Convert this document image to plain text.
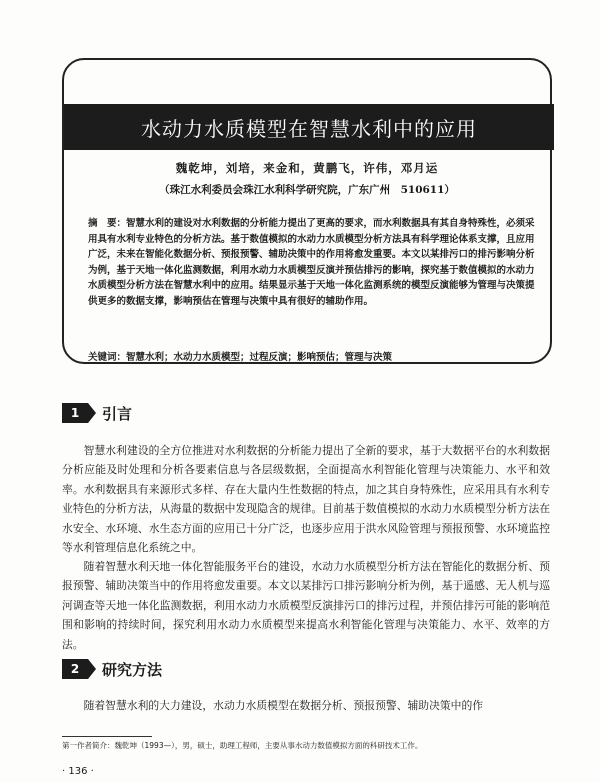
水动力水质模型在智慧水利中的应用
魏乾坤，刘培，来金和，黄鹏飞，许伟，邓月运
（珠江水利委员会珠江水利科学研究院，广东广州　510611）
摘　要：智慧水利的建设对水利数据的分析能力提出了更高的要求，而水利数据具有其自身特殊性，必须采用具有水利专业特色的分析方法。基于数值模拟的水动力水质模型分析方法具有科学理论体系支撑，且应用广泛，未来在智能化数据分析、预报预警、辅助决策中的作用将愈发重要。本文以某排污口的排污影响分析为例，基于天地一体化监测数据，利用水动力水质模型反演并预估排污的影响，探究基于数值模拟的水动力水质模型分析方法在智慧水利中的应用。结果显示基于天地一体化监测系统的模型反演能够为管理与决策提供更多的数据支撑，影响预估在管理与决策中具有很好的辅助作用。
关键词：智慧水利；水动力水质模型；过程反演；影响预估；管理与决策
1	引言

智慧水利建设的全方位推进对水利数据的分析能力提出了全新的要求，基于大数据平台的水利数据分析应能及时处理和分析各要素信息与各层级数据，全面提高水利智能化管理与决策能力、水平和效率。水利数据具有来源形式多样、存在大量内生性数据的特点，加之其自身特殊性，应采用具有水利专业特色的分析方法，从海量的数据中发现隐含的规律。目前基于数值模拟的水动力水质模型分析方法在水安全、水环境、水生态方面的应用已十分广泛，也逐步应用于洪水风险管理与预报预警、水环境监控等水利管理信息化系统之中。

随着智慧水利天地一体化智能服务平台的建设，水动力水质模型分析方法在智能化的数据分析、预报预警、辅助决策当中的作用将愈发重要。本文以某排污口排污影响分析为例，基于遥感、无人机与巡河调查等天地一体化监测数据，利用水动力水质模型反演排污口的排污过程，并预估排污可能的影响范围和影响的持续时间，探究利用水动力水质模型来提高水利智能化管理与决策能力、水平、效率的方法。

2	研究方法

随着智慧水利的大力建设，水动力水质模型在数据分析、预报预警、辅助决策中的作

第一作者简介：魏乾坤（1993—），男，硕士，助理工程师，主要从事水动力数值模拟方面的科研技术工作。
· 136 ·
